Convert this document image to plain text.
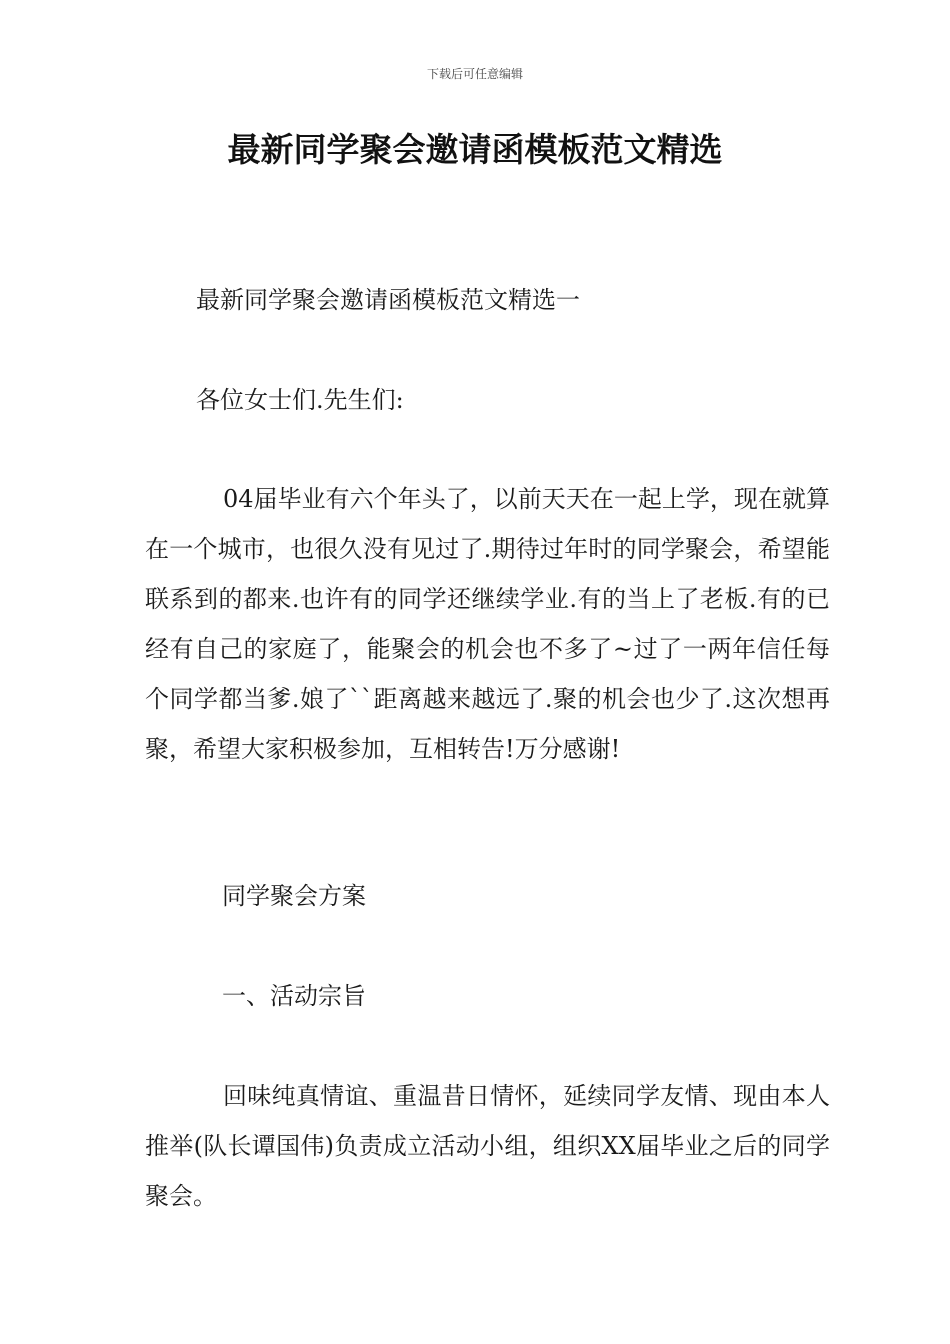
下载后可任意编辑
最新同学聚会邀请函模板范文精选

最新同学聚会邀请函模板范文精选一

各位女士们.先生们:

04届毕业有六个年头了，以前天天在一起上学，现在就算在一个城市，也很久没有见过了.期待过年时的同学聚会，希望能联系到的都来.也许有的同学还继续学业.有的当上了老板.有的已经有自己的家庭了，能聚会的机会也不多了~过了一两年信任每个同学都当爹.娘了``距离越来越远了.聚的机会也少了.这次想再聚，希望大家积极参加，互相转告!万分感谢!

同学聚会方案

一、活动宗旨

回味纯真情谊、重温昔日情怀，延续同学友情、现由本人推举(队长谭国伟)负责成立活动小组，组织XX届毕业之后的同学聚会。
